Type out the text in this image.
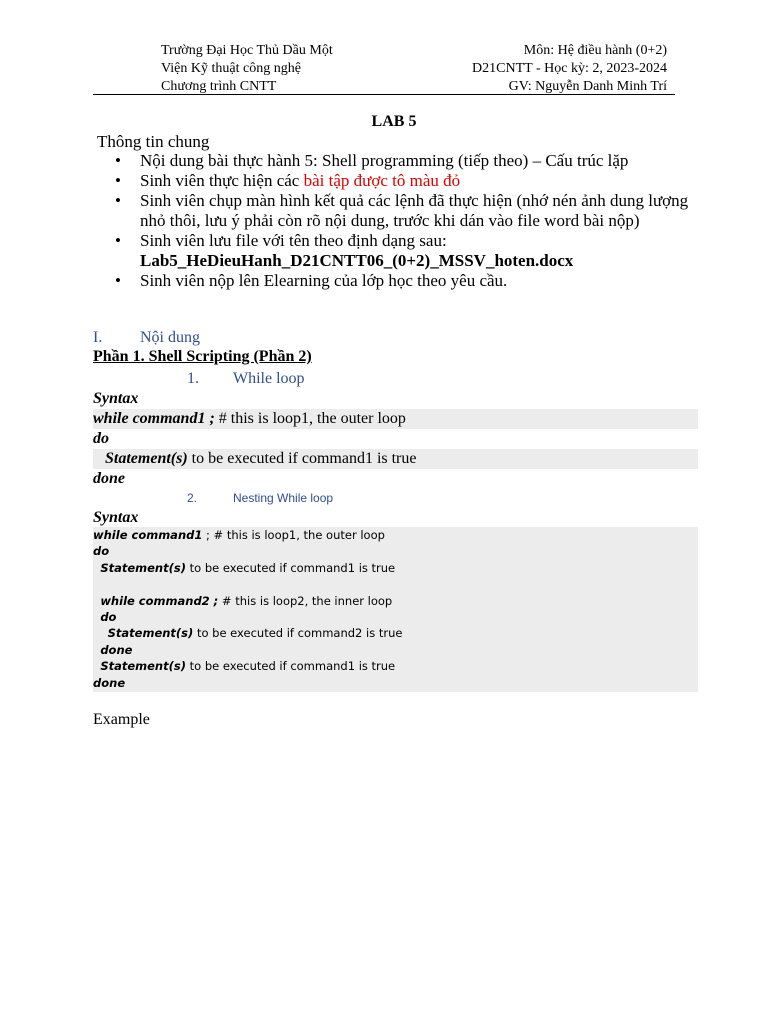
Trường Đại Học Thủ Dầu Một	Môn: Hệ điều hành (0+2)
Viện Kỹ thuật công nghệ	D21CNTT - Học kỳ: 2, 2023-2024
Chương trình CNTT	GV: Nguyễn Danh Minh Trí
LAB 5
Thông tin chung
• Nội dung bài thực hành 5: Shell programming (tiếp theo) – Cấu trúc lặp
• Sinh viên thực hiện các bài tập được tô màu đỏ
• Sinh viên chụp màn hình kết quả các lệnh đã thực hiện (nhớ nén ảnh dung lượng nhỏ thôi, lưu ý phải còn rõ nội dung, trước khi dán vào file word bài nộp)
• Sinh viên lưu file với tên theo định dạng sau:
Lab5_HeDieuHanh_D21CNTT06_(0+2)_MSSV_hoten.docx
• Sinh viên nộp lên Elearning của lớp học theo yêu cầu.
I. Nội dung
Phần 1. Shell Scripting (Phần 2)
1. While loop
Syntax
while command1 ; # this is loop1, the outer loop
do
Statement(s) to be executed if command1 is true
done
2.	Nesting While loop
Syntax
while command1 ; # this is loop1, the outer loop
do
Statement(s) to be executed if command1 is true

while command2 ; # this is loop2, the inner loop
do
Statement(s) to be executed if command2 is true
done
Statement(s) to be executed if command1 is true
done
Example
